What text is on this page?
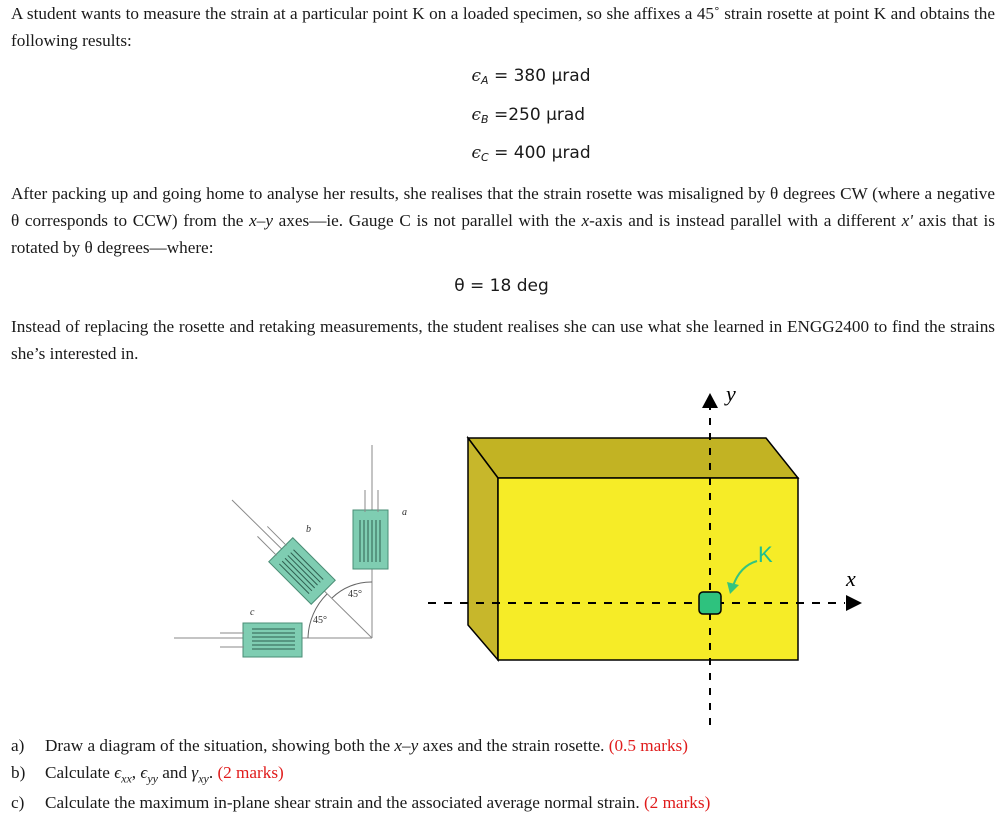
A student wants to measure the strain at a particular point K on a loaded specimen, so she affixes a 45˚ strain rosette at point K and obtains the following results:
$\epsilon_A = 380$ μrad
$\epsilon_B =250$ μrad
$\epsilon_C = 400$ μrad
After packing up and going home to analyse her results, she realises that the strain rosette was misaligned by θ degrees CW (where a negative θ corresponds to CCW) from the x–y axes—ie. Gauge C is not parallel with the x-axis and is instead parallel with a different x' axis that is rotated by θ degrees—where:
θ = 18 deg
Instead of replacing the rosette and retaking measurements, the student realises she can use what she learned in ENGG2400 to find the strains she’s interested in.
a
b
c
45°
45°
K
y
x
a) Draw a diagram of the situation, showing both the x–y axes and the strain rosette. (0.5 marks)
b) Calculate $\epsilon_{xx}$, $\epsilon_{yy}$ and $\gamma_{xy}$. (2 marks)
c) Calculate the maximum in-plane shear strain and the associated average normal strain. (2 marks)
